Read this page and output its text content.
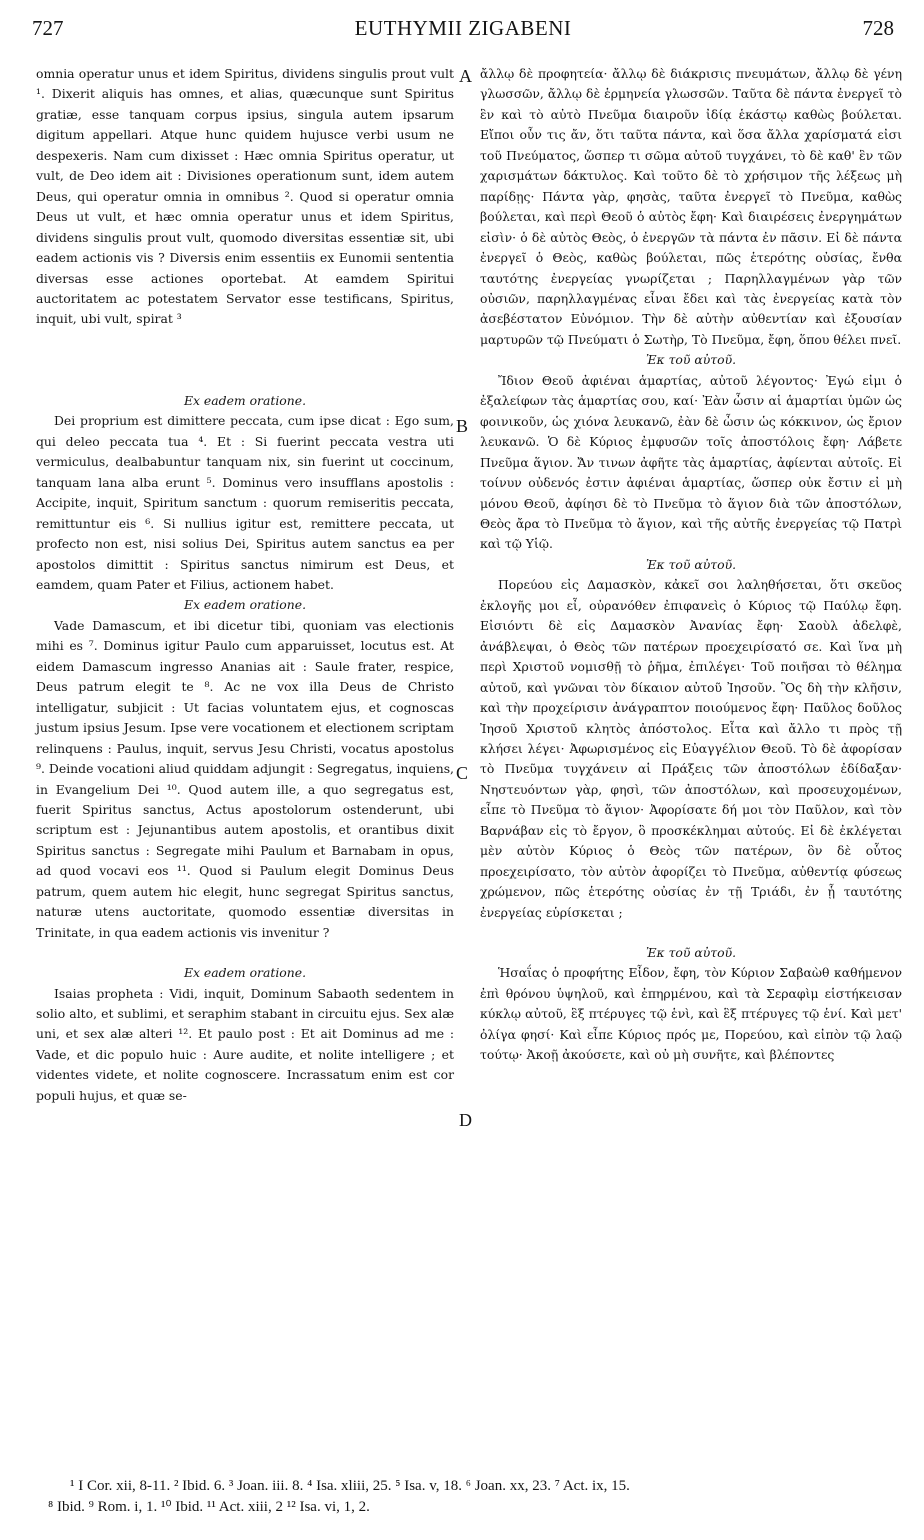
727	EUTHYMII ZIGABENI	728

omnia operatur unus et idem Spiritus, dividens singulis prout vult ¹. Dixerit aliquis has omnes, et alias, quæcunque sunt Spiritus gratiæ, esse tanquam corpus ipsius, singula autem ipsarum digitum appellari. Atque hunc quidem hujusce verbi usum ne despexeris. Nam cum dixisset : Hæc omnia Spiritus operatur, ut vult, de Deo idem ait : Divisiones operationum sunt, idem autem Deus, qui operatur omnia in omnibus ². Quod si operatur omnia Deus ut vult, et hæc omnia operatur unus et idem Spiritus, dividens singulis prout vult, quomodo diversitas essentiæ sit, ubi eadem actionis vis ? Diversis enim essentiis ex Eunomii sententia diversas esse actiones oportebat. At eamdem Spiritui auctoritatem ac potestatem Servator esse testificans, Spiritus, inquit, ubi vult, spirat ³

Ex eadem oratione.

Dei proprium est dimittere peccata, cum ipse dicat : Ego sum, qui deleo peccata tua ⁴. Et : Si fuerint peccata vestra uti vermiculus, dealbabuntur tanquam nix, sin fuerint ut coccinum, tanquam lana alba erunt ⁵. Dominus vero insufflans apostolis : Accipite, inquit, Spiritum sanctum : quorum remiseritis peccata, remittuntur eis ⁶. Si nullius igitur est, remittere peccata, ut profecto non est, nisi solius Dei, Spiritus autem sanctus ea per apostolos dimittit : Spiritus sanctus nimirum est Deus, et eamdem, quam Pater et Filius, actionem habet.

Ex eadem oratione.

Vade Damascum, et ibi dicetur tibi, quoniam vas electionis mihi es ⁷. Dominus igitur Paulo cum apparuisset, locutus est. At eidem Damascum ingresso Ananias ait : Saule frater, respice, Deus patrum elegit te ⁸. Ac ne vox illa Deus de Christo intelligatur, subjicit : Ut facias voluntatem ejus, et cognoscas justum ipsius Jesum. Ipse vere vocationem et electionem scriptam relinquens : Paulus, inquit, servus Jesu Christi, vocatus apostolus ⁹. Deinde vocationi aliud quiddam adjungit : Segregatus, inquiens, in Evangelium Dei ¹⁰. Quod autem ille, a quo segregatus est, fuerit Spiritus sanctus, Actus apostolorum ostenderunt, ubi scriptum est : Jejunantibus autem apostolis, et orantibus dixit Spiritus sanctus : Segregate mihi Paulum et Barnabam in opus, ad quod vocavi eos ¹¹. Quod si Paulum elegit Dominus Deus patrum, quem autem hic elegit, hunc segregat Spiritus sanctus, naturæ utens auctoritate, quomodo essentiæ diversitas in Trinitate, in qua eadem actionis vis invenitur ?

Ex eadem oratione.

Isaias propheta : Vidi, inquit, Dominum Sabaoth sedentem in solio alto, et sublimi, et seraphim stabant in circuitu ejus. Sex alæ uni, et sex alæ alteri ¹². Et paulo post : Et ait Dominus ad me : Vade, et dic populo huic : Aure audite, et nolite intelligere ; et videntes videte, et nolite cognoscere. Incrassatum enim est cor populi hujus, et quæ se-

ἄλλῳ δὲ προφητεία· ἄλλῳ δὲ διάκρισις πνευμάτων, ἄλλῳ δὲ γένη γλωσσῶν, ἄλλῳ δὲ ἑρμηνεία γλωσσῶν. Ταῦτα δὲ πάντα ἐνεργεῖ τὸ ἓν καὶ τὸ αὐτὸ Πνεῦμα διαιροῦν ἰδίᾳ ἑκάστῳ καθὼς βούλεται. Εἴποι οὖν τις ἄν, ὅτι ταῦτα πάντα, καὶ ὅσα ἄλλα χαρίσματά εἰσι τοῦ Πνεύματος, ὥσπερ τι σῶμα αὐτοῦ τυγχάνει, τὸ δὲ καθ' ἓν τῶν χαρισμάτων δάκτυλος. Καὶ τοῦτο δὲ τὸ χρήσιμον τῆς λέξεως μὴ παρίδῃς· Πάντα γὰρ, φησὰς, ταῦτα ἐνεργεῖ τὸ Πνεῦμα, καθὼς βούλεται, καὶ περὶ Θεοῦ ὁ αὐτὸς ἔφη· Καὶ διαιρέσεις ἐνεργημάτων εἰσὶν· ὁ δὲ αὐτὸς Θεὸς, ὁ ἐνεργῶν τὰ πάντα ἐν πᾶσιν. Εἰ δὲ πάντα ἐνεργεῖ ὁ Θεὸς, καθὼς βούλεται, πῶς ἑτερότης οὐσίας, ἔνθα ταυτότης ἐνεργείας γνωρίζεται ; Παρηλλαγμένων γὰρ τῶν οὐσιῶν, παρηλλαγμένας εἶναι ἔδει καὶ τὰς ἐνεργείας κατὰ τὸν ἀσεβέστατον Εὐνόμιον. Τὴν δὲ αὐτὴν αὐθεντίαν καὶ ἐξουσίαν μαρτυρῶν τῷ Πνεύματι ὁ Σωτὴρ, Τὸ Πνεῦμα, ἔφη, ὅπου θέλει πνεῖ.

Ἐκ τοῦ αὐτοῦ.

Ἴδιον Θεοῦ ἀφιέναι ἁμαρτίας, αὐτοῦ λέγοντος· Ἐγώ εἰμι ὁ ἐξαλείφων τὰς ἁμαρτίας σου, καί· Ἐὰν ὦσιν αἱ ἁμαρτίαι ὑμῶν ὡς φοινικοῦν, ὡς χιόνα λευκανῶ, ἐὰν δὲ ὦσιν ὡς κόκκινον, ὡς ἔριον λευκανῶ. Ὁ δὲ Κύριος ἐμφυσῶν τοῖς ἀποστόλοις ἔφη· Λάβετε Πνεῦμα ἅγιον. Ἄν τινων ἀφῆτε τὰς ἁμαρτίας, ἀφίενται αὐτοῖς. Εἰ τοίνυν οὐδενός ἐστιν ἀφιέναι ἁμαρτίας, ὥσπερ οὐκ ἔστιν εἰ μὴ μόνου Θεοῦ, ἀφίησι δὲ τὸ Πνεῦμα τὸ ἅγιον διὰ τῶν ἀποστόλων, Θεὸς ἄρα τὸ Πνεῦμα τὸ ἅγιον, καὶ τῆς αὐτῆς ἐνεργείας τῷ Πατρὶ καὶ τῷ Υἱῷ.

Ἐκ τοῦ αὐτοῦ.

Πορεύου εἰς Δαμασκὸν, κἀκεῖ σοι λαληθήσεται, ὅτι σκεῦος ἐκλογῆς μοι εἶ, οὐρανόθεν ἐπιφανεὶς ὁ Κύριος τῷ Παύλῳ ἔφη. Εἰσιόντι δὲ εἰς Δαμασκὸν Ἀνανίας ἔφη· Σαοὺλ ἀδελφὲ, ἀνάβλεψαι, ὁ Θεὸς τῶν πατέρων προεχειρίσατό σε. Καὶ ἵνα μὴ περὶ Χριστοῦ νομισθῇ τὸ ῥῆμα, ἐπιλέγει· Τοῦ ποιῆσαι τὸ θέλημα αὐτοῦ, καὶ γνῶναι τὸν δίκαιον αὐτοῦ Ἰησοῦν. Ὃς δὴ τὴν κλῆσιν, καὶ τὴν προχείρισιν ἀνάγραπτον ποιούμενος ἔφη· Παῦλος δοῦλος Ἰησοῦ Χριστοῦ κλητὸς ἀπόστολος. Εἶτα καὶ ἄλλο τι πρὸς τῇ κλήσει λέγει· Ἀφωρισμένος εἰς Εὐαγγέλιον Θεοῦ. Τὸ δὲ ἀφορίσαν τὸ Πνεῦμα τυγχάνειν αἱ Πράξεις τῶν ἀποστόλων ἐδίδαξαν· Νηστευόντων γὰρ, φησὶ, τῶν ἀποστόλων, καὶ προσευχομένων, εἶπε τὸ Πνεῦμα τὸ ἅγιον· Ἀφορίσατε δή μοι τὸν Παῦλον, καὶ τὸν Βαρνάβαν εἰς τὸ ἔργον, ὃ προσκέκλημαι αὐτούς. Εἰ δὲ ἐκλέγεται μὲν αὐτὸν Κύριος ὁ Θεὸς τῶν πατέρων, ὃν δὲ οὗτος προεχειρίσατο, τὸν αὐτὸν ἀφορίζει τὸ Πνεῦμα, αὐθεντίᾳ φύσεως χρώμενον, πῶς ἑτερότης οὐσίας ἐν τῇ Τριάδι, ἐν ᾗ ταυτότης ἐνεργείας εὑρίσκεται ;

Ἐκ τοῦ αὐτοῦ.

Ἡσαΐας ὁ προφήτης Εἶδον, ἔφη, τὸν Κύριον Σαβαὼθ καθήμενον ἐπὶ θρόνου ὑψηλοῦ, καὶ ἐπηρμένου, καὶ τὰ Σεραφὶμ εἱστήκεισαν κύκλῳ αὐτοῦ, ἓξ πτέρυγες τῷ ἑνὶ, καὶ ἓξ πτέρυγες τῷ ἑνί. Καὶ μετ' ὀλίγα φησί· Καὶ εἶπε Κύριος πρός με, Πορεύου, καὶ εἰπὸν τῷ λαῷ τούτῳ· Ἀκοῇ ἀκούσετε, καὶ οὐ μὴ συνῆτε, καὶ βλέποντες

A
B
C
D
¹ I Cor. xii, 8-11. ² Ibid. 6. ³ Joan. iii. 8. ⁴ Isa. xliii, 25. ⁵ Isa. v, 18. ⁶ Joan. xx, 23. ⁷ Act. ix, 15.
⁸ Ibid. ⁹ Rom. i, 1. ¹⁰ Ibid. ¹¹ Act. xiii, 2 ¹² Isa. vi, 1, 2.
